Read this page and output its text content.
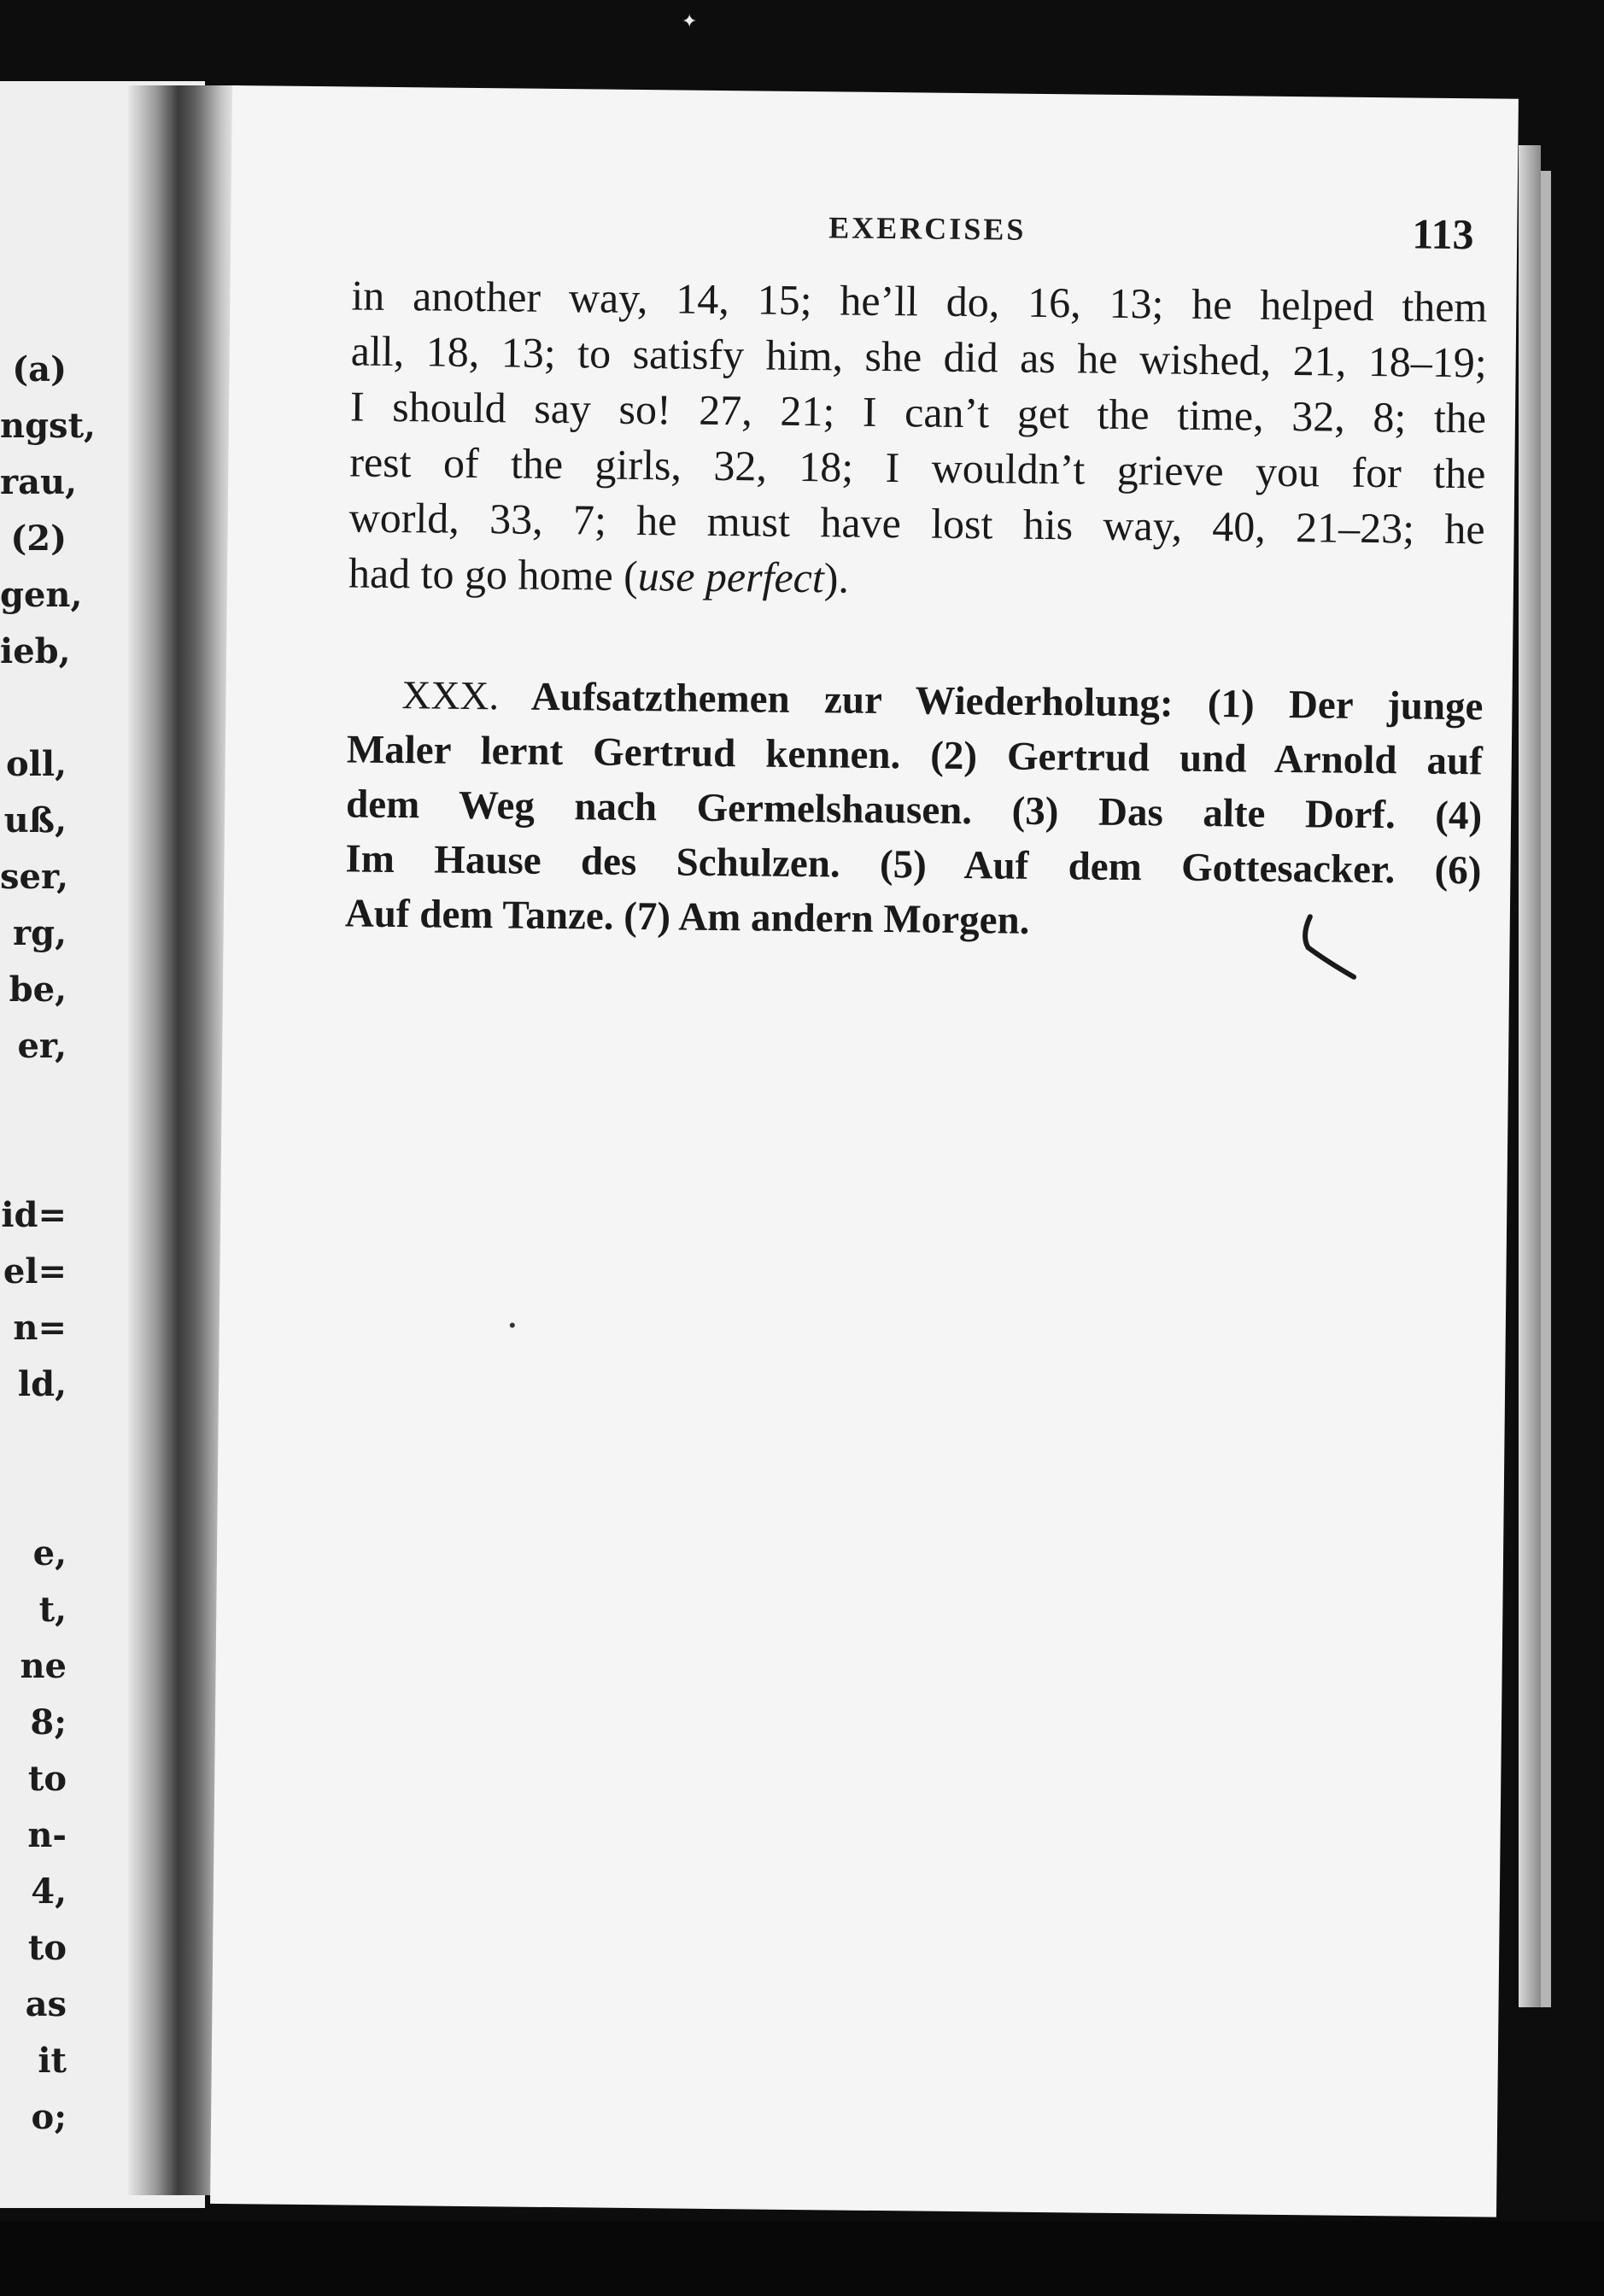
✦
(a)
ngst,
rau,
(2)
gen,
ieb,
oll,
uß,
ser,
rg,
be,
er,
id=
el=
n=
ld,
e,
t,
ne
8;
to
n-
4,
to
as
it
o;
EXERCISES	113
in another way, 14, 15; he’ll do, 16, 13; he helped them
all, 18, 13; to satisfy him, she did as he wished, 21, 18–19;
I should say so! 27, 21; I can’t get the time, 32, 8; the
rest of the girls, 32, 18; I wouldn’t grieve you for the
world, 33, 7; he must have lost his way, 40, 21–23; he
had to go home (use perfect).
XXX. Aufsatzthemen zur Wiederholung: (1) Der junge
Maler lernt Gertrud kennen. (2) Gertrud und Arnold auf
dem Weg nach Germelshausen. (3) Das alte Dorf. (4)
Im Hause des Schulzen. (5) Auf dem Gottesacker. (6)
Auf dem Tanze. (7) Am andern Morgen.
